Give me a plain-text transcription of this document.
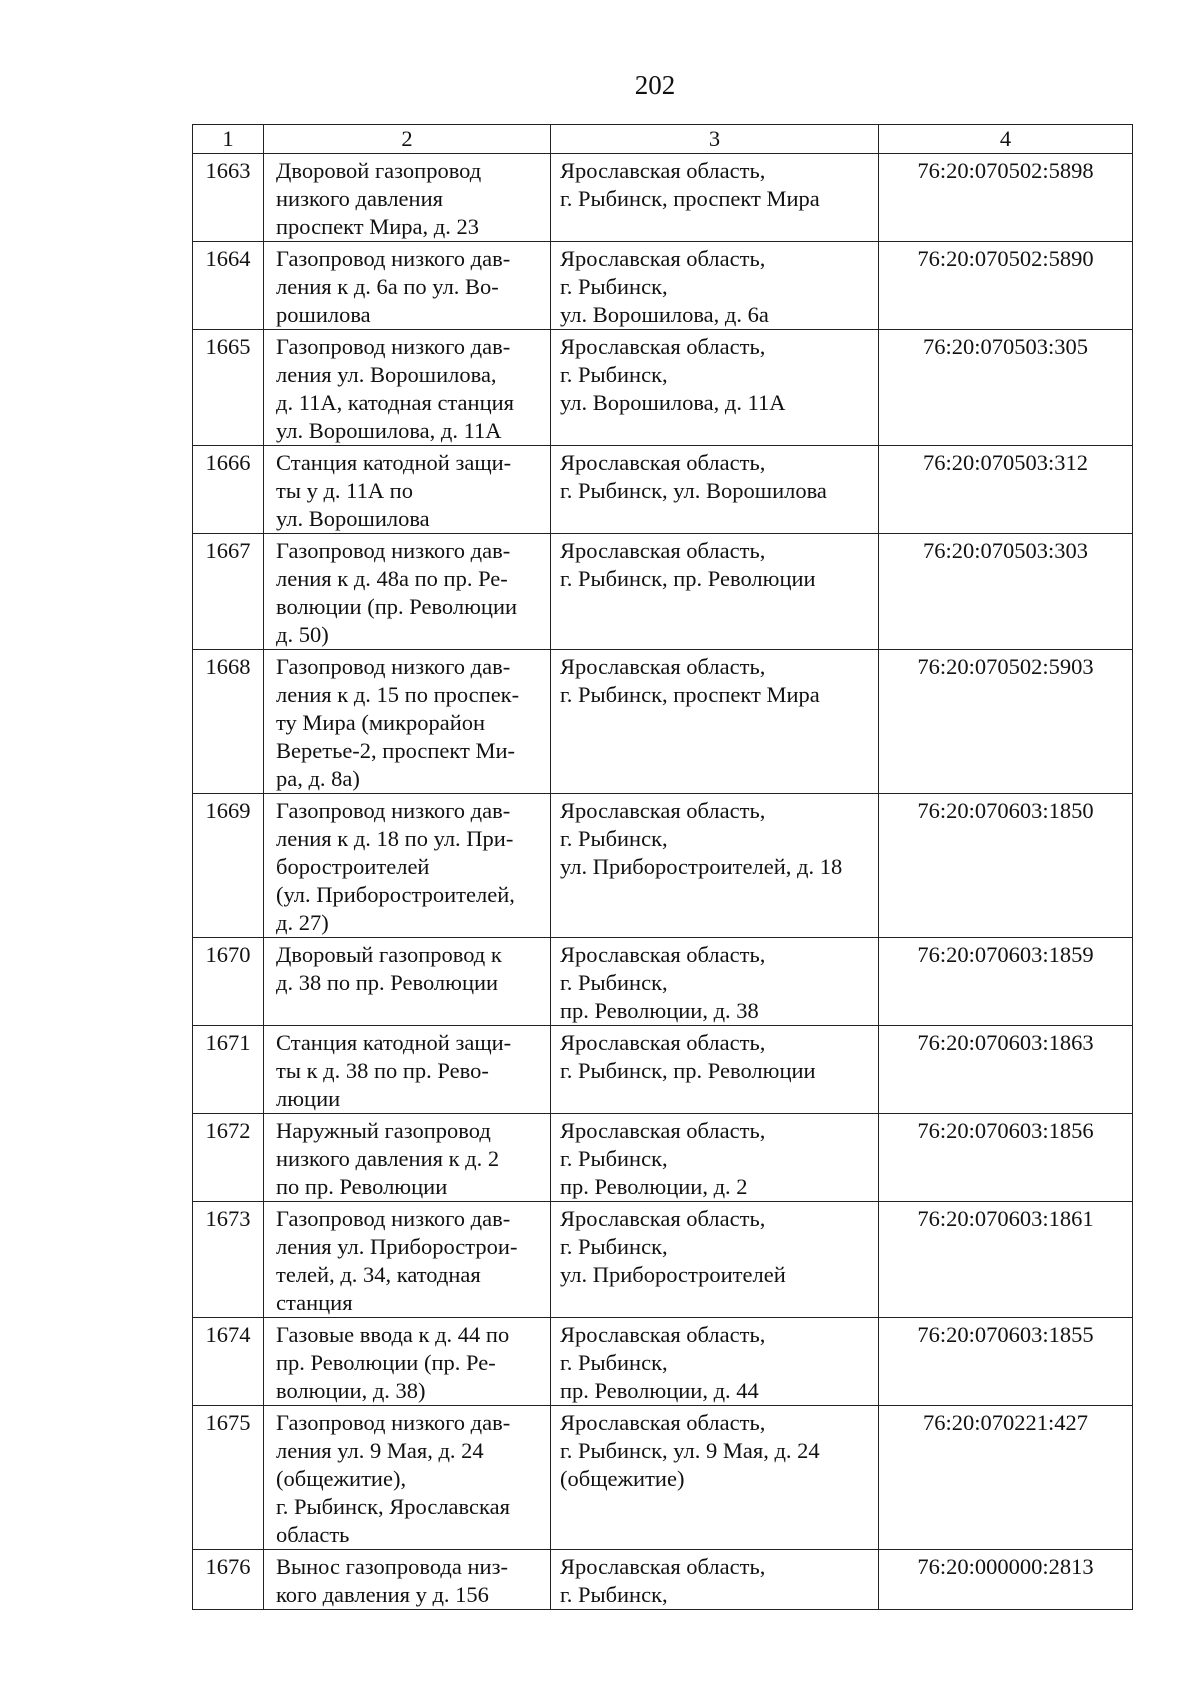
202
1	2	3	4
1663	Дворовой газопровод
низкого давления
проспект Мира, д. 23	Ярославская область,
г. Рыбинск, проспект Мира	76:20:070502:5898
1664	Газопровод низкого дав-
ления к д. 6а по ул. Во-
рошилова	Ярославская область,
г. Рыбинск,
ул. Ворошилова, д. 6а	76:20:070502:5890
1665	Газопровод низкого дав-
ления ул. Ворошилова,
д. 11А, катодная станция
ул. Ворошилова, д. 11А	Ярославская область,
г. Рыбинск,
ул. Ворошилова, д. 11А	76:20:070503:305
1666	Станция катодной защи-
ты у д. 11А по
ул. Ворошилова	Ярославская область,
г. Рыбинск, ул. Ворошилова	76:20:070503:312
1667	Газопровод низкого дав-
ления к д. 48а по пр. Ре-
волюции (пр. Революции
д. 50)	Ярославская область,
г. Рыбинск, пр. Революции	76:20:070503:303
1668	Газопровод низкого дав-
ления к д. 15 по проспек-
ту Мира (микрорайон
Веретье-2, проспект Ми-
ра, д. 8а)	Ярославская область,
г. Рыбинск, проспект Мира	76:20:070502:5903
1669	Газопровод низкого дав-
ления к д. 18 по ул. При-
боростроителей
(ул. Приборостроителей,
д. 27)	Ярославская область,
г. Рыбинск,
ул. Приборостроителей, д. 18	76:20:070603:1850
1670	Дворовый газопровод к
д. 38 по пр. Революции	Ярославская область,
г. Рыбинск,
пр. Революции, д. 38	76:20:070603:1859
1671	Станция катодной защи-
ты к д. 38 по пр. Рево-
люции	Ярославская область,
г. Рыбинск, пр. Революции	76:20:070603:1863
1672	Наружный газопровод
низкого давления к д. 2
по пр. Революции	Ярославская область,
г. Рыбинск,
пр. Революции, д. 2	76:20:070603:1856
1673	Газопровод низкого дав-
ления ул. Приборострои-
телей, д. 34, катодная
станция	Ярославская область,
г. Рыбинск,
ул. Приборостроителей	76:20:070603:1861
1674	Газовые ввода к д. 44 по
пр. Революции (пр. Ре-
волюции, д. 38)	Ярославская область,
г. Рыбинск,
пр. Революции, д. 44	76:20:070603:1855
1675	Газопровод низкого дав-
ления ул. 9 Мая, д. 24
(общежитие),
г. Рыбинск, Ярославская
область	Ярославская область,
г. Рыбинск, ул. 9 Мая, д. 24
(общежитие)	76:20:070221:427
1676	Вынос газопровода низ-
кого давления у д. 156	Ярославская область,
г. Рыбинск,	76:20:000000:2813
